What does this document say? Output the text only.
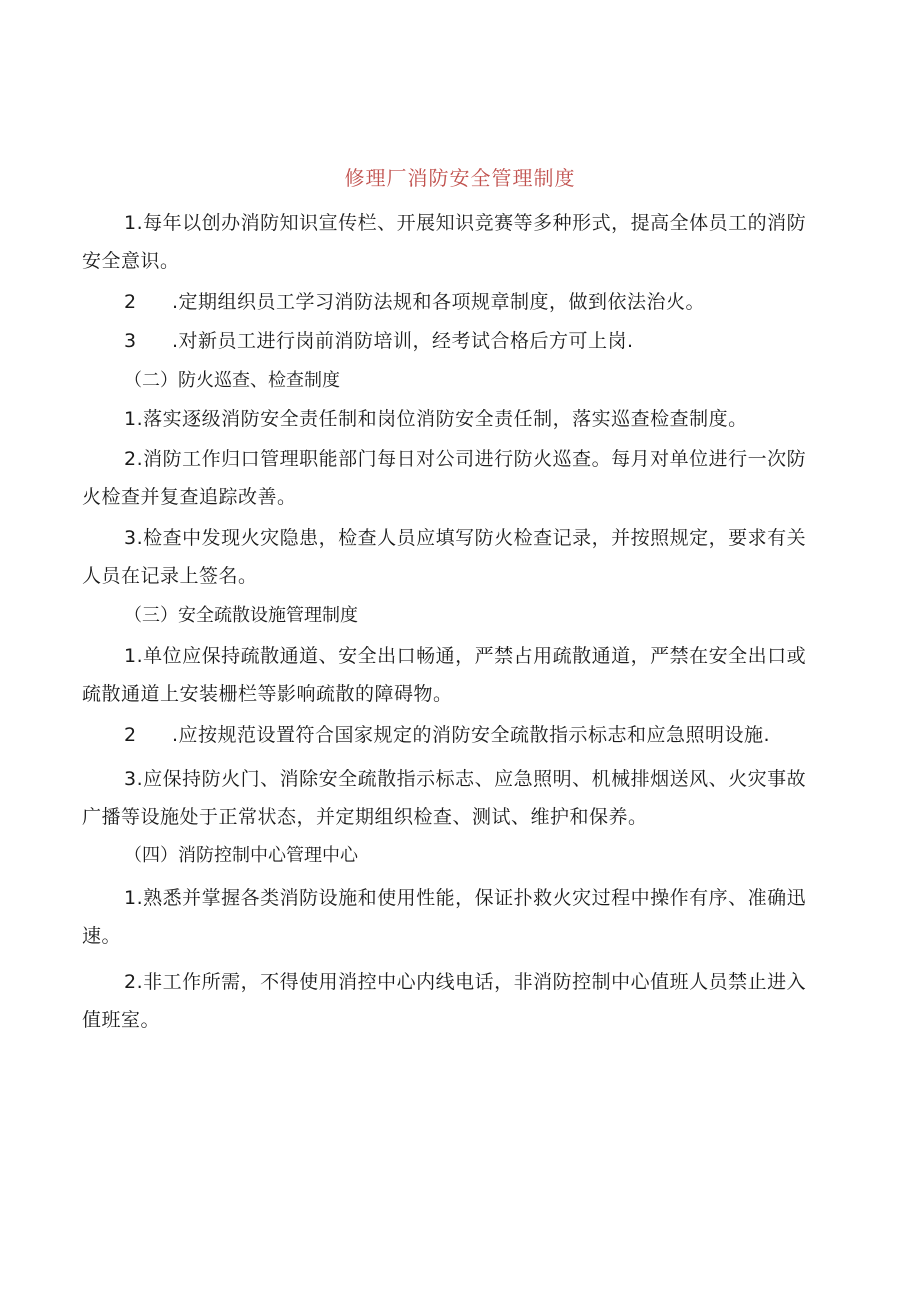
修理厂消防安全管理制度
1.每年以创办消防知识宣传栏、开展知识竞赛等多种形式，提高全体员工的消防安全意识。
2 .定期组织员工学习消防法规和各项规章制度，做到依法治火。
3 .对新员工进行岗前消防培训，经考试合格后方可上岗.
（二）防火巡查、检查制度
1.落实逐级消防安全责任制和岗位消防安全责任制，落实巡查检查制度。
2.消防工作归口管理职能部门每日对公司进行防火巡查。每月对单位进行一次防火检查并复查追踪改善。
3.检查中发现火灾隐患，检查人员应填写防火检查记录，并按照规定，要求有关人员在记录上签名。
（三）安全疏散设施管理制度
1.单位应保持疏散通道、安全出口畅通，严禁占用疏散通道，严禁在安全出口或疏散通道上安装栅栏等影响疏散的障碍物。
2 .应按规范设置符合国家规定的消防安全疏散指示标志和应急照明设施.
3.应保持防火门、消除安全疏散指示标志、应急照明、机械排烟送风、火灾事故广播等设施处于正常状态，并定期组织检查、测试、维护和保养。
（四）消防控制中心管理中心
1.熟悉并掌握各类消防设施和使用性能，保证扑救火灾过程中操作有序、准确迅速。
2.非工作所需，不得使用消控中心内线电话，非消防控制中心值班人员禁止进入值班室。
